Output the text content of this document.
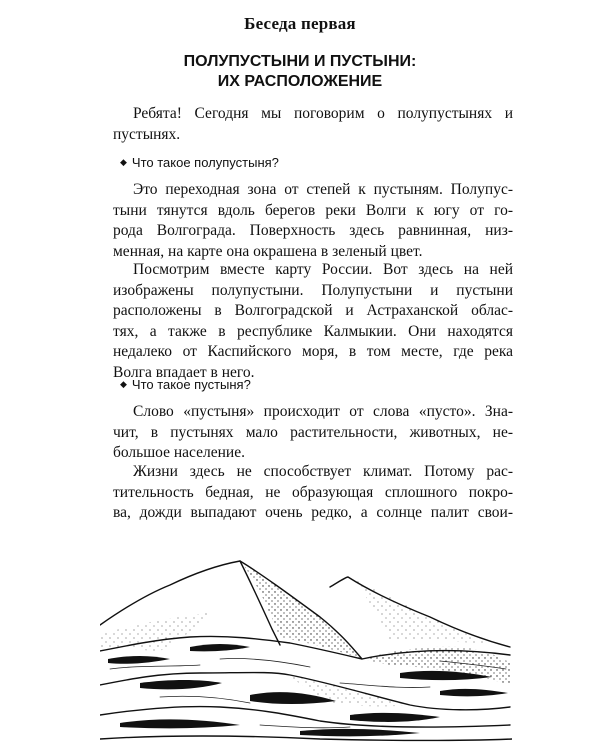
Беседа первая
ПОЛУПУСТЫНИ И ПУСТЫНИ:
ИХ РАСПОЛОЖЕНИЕ
Ребята! Сегодня мы поговорим о полупустынях и
пустынях.
◆ Что такое полупустыня?
Это переходная зона от степей к пустыням. Полупус-
тыни тянутся вдоль берегов реки Волги к югу от го-
рода Волгограда. Поверхность здесь равнинная, низ-
менная, на карте она окрашена в зеленый цвет.
Посмотрим вместе карту России. Вот здесь на ней
изображены полупустыни. Полупустыни и пустыни
расположены в Волгоградской и Астраханской облас-
тях, а также в республике Калмыкии. Они находятся
недалеко от Каспийского моря, в том месте, где река
Волга впадает в него.
◆ Что такое пустыня?
Слово «пустыня» происходит от слова «пусто». Зна-
чит, в пустынях мало растительности, животных, не-
большое население.
Жизни здесь не способствует климат. Потому рас-
тительность бедная, не образующая сплошного покро-
ва, дожди выпадают очень редко, а солнце палит свои-
